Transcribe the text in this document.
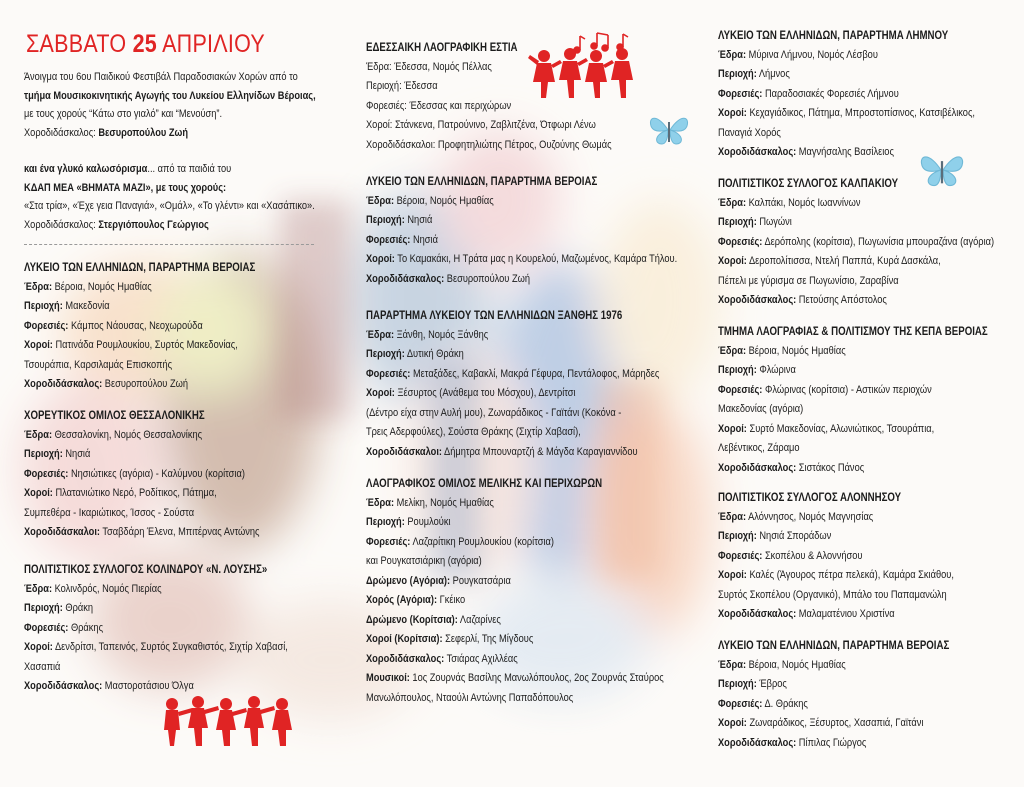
ΣΑΒΒΑΤΟ 25 ΑΠΡΙΛΙΟΥ
Άνοιγμα του 6ου Παιδικού Φεστιβάλ Παραδοσιακών Χορών από το
τμήμα Μουσικοκινητικής Αγωγής του Λυκείου Ελληνίδων Βέροιας,
με τους χορούς “Κάτω στο γιαλό” και “Μενούση”.
Χοροδιδάσκαλος: Βεσυροπούλου Ζωή
και ένα γλυκό καλωσόρισμα... από τα παιδιά του
ΚΔΑΠ ΜΕΑ «ΒΗΜΑΤΑ ΜΑΖΙ», με τους χορούς:
«Στα τρία», «Έχε γεια Παναγιά», «Ομάλ», «Το γλέντι» και «Χασάπικο».
Χοροδιδάσκαλος: Στεργιόπουλος Γεώργιος
ΛΥΚΕΙΟ ΤΩΝ ΕΛΛΗΝΙΔΩΝ, ΠΑΡΑΡΤΗΜΑ ΒΕΡΟΙΑΣ
Έδρα: Βέροια, Νομός Ημαθίας
Περιοχή: Μακεδονία
Φορεσιές: Κάμπος Νάουσας, Νεοχωρούδα
Χοροί: Πατινάδα Ρουμλουκίου, Συρτός Μακεδονίας,
Τσουράπια, Καρσιλαμάς Επισκοπής
Χοροδιδάσκαλος: Βεσυροπούλου Ζωή
ΧΟΡΕΥΤΙΚΟΣ ΟΜΙΛΟΣ ΘΕΣΣΑΛΟΝΙΚΗΣ
Έδρα: Θεσσαλονίκη, Νομός Θεσσαλονίκης
Περιοχή: Νησιά
Φορεσιές: Νησιώτικες (αγόρια) - Καλύμνου (κορίτσια)
Χοροί: Πλατανιώτικο Νερό, Ροδίτικος, Πάτημα,
Συμπεθέρα - Ικαριώτικος, Ίσσος - Σούστα
Χοροδιδάσκαλοι: Τσαβδάρη Έλενα, Μπιτέρνας Αντώνης
ΠΟΛΙΤΙΣΤΙΚΟΣ ΣΥΛΛΟΓΟΣ ΚΟΛΙΝΔΡΟΥ «Ν. ΛΟΥΣΗΣ»
Έδρα: Κολινδρός, Νομός Πιερίας
Περιοχή: Θράκη
Φορεσιές: Θράκης
Χοροί: Δενδρίτσι, Ταπεινός, Συρτός Συγκαθιστός, Σιχτίρ Χαβασί,
Χασαπιά
Χοροδιδάσκαλος: Μαστοροτάσιου Όλγα
ΕΔΕΣΣΑΙΚΗ ΛΑΟΓΡΑΦΙΚΗ ΕΣΤΙΑ
Έδρα: Έδεσσα, Νομός Πέλλας
Περιοχή: Έδεσσα
Φορεσιές: Έδεσσας και περιχώρων
Χοροί: Στάνκενα, Πατρούνινο, Ζαβλιτζένα, Ότφωρι Λένω
Χοροδιδάσκαλοι: Προφητηλιώτης Πέτρος, Ουζούνης Θωμάς
ΛΥΚΕΙΟ ΤΩΝ ΕΛΛΗΝΙΔΩΝ, ΠΑΡΑΡΤΗΜΑ ΒΕΡΟΙΑΣ
Έδρα: Βέροια, Νομός Ημαθίας
Περιοχή: Νησιά
Φορεσιές: Νησιά
Χοροί: Το Καμακάκι, Η Τράτα μας η Κουρελού, Μαζωμένος, Καμάρα Τήλου.
Χοροδιδάσκαλος: Βεσυροπούλου Ζωή
ΠΑΡΑΡΤΗΜΑ ΛΥΚΕΙΟΥ ΤΩΝ ΕΛΛΗΝΙΔΩΝ ΞΑΝΘΗΣ 1976
Έδρα: Ξάνθη, Νομός Ξάνθης
Περιοχή: Δυτική Θράκη
Φορεσιές: Μεταξάδες, Καβακλί, Μακρά Γέφυρα, Πεντάλοφος, Μάρηδες
Χοροί: Ξέσυρτος (Ανάθεμα του Μόσχου), Δεντρίτσι
(Δέντρο είχα στην Αυλή μου), Ζωναράδικος - Γαϊτάνι (Κοκόνα -
Τρεις Αδερφούλες), Σούστα Θράκης (Σιχτίρ Χαβασί),
Χοροδιδάσκαλοι: Δήμητρα Μπουναρτζή & Μάγδα Καραγιαννίδου
ΛΑΟΓΡΑΦΙΚΟΣ ΟΜΙΛΟΣ ΜΕΛΙΚΗΣ ΚΑΙ ΠΕΡΙΧΩΡΩΝ
Έδρα: Μελίκη, Νομός Ημαθίας
Περιοχή: Ρουμλούκι
Φορεσιές: Λαζαρίτικη Ρουμλουκίου (κορίτσια)
και Ρουγκατσιάρικη (αγόρια)
Δρώμενο (Αγόρια): Ρουγκατσάρια
Χορός (Αγόρια): Γκέικο
Δρώμενο (Κορίτσια): Λαζαρίνες
Χοροί (Κορίτσια): Σεφερλί, Της Μίγδους
Χοροδιδάσκαλος: Τσιάρας Αχιλλέας
Μουσικοί: 1ος Ζουρνάς Βασίλης Μανωλόπουλος, 2ος Ζουρνάς Σταύρος
Μανωλόπουλος, Νταούλι Αντώνης Παπαδόπουλος
ΛΥΚΕΙΟ ΤΩΝ ΕΛΛΗΝΙΔΩΝ, ΠΑΡΑΡΤΗΜΑ ΛΗΜΝΟΥ
Έδρα: Μύρινα Λήμνου, Νομός Λέσβου
Περιοχή: Λήμνος
Φορεσιές: Παραδοσιακές Φορεσιές Λήμνου
Χοροί: Κεχαγιάδικος, Πάτημα, Μπροστοπίσινος, Κατσιβέλικος,
Παναγιά Χορός
Χοροδιδάσκαλος: Μαγνήσαλης Βασίλειος
ΠΟΛΙΤΙΣΤΙΚΟΣ ΣΥΛΛΟΓΟΣ ΚΑΛΠΑΚΙΟΥ
Έδρα: Καλπάκι, Νομός Ιωαννίνων
Περιοχή: Πωγώνι
Φορεσιές: Δερόπολης (κορίτσια), Πωγωνίσια μπουραζάνα (αγόρια)
Χοροί: Δεροπολίτισσα, Ντελή Παππά, Κυρά Δασκάλα,
Πέπελι με γύρισμα σε Πωγωνίσιο, Ζαραβίνα
Χοροδιδάσκαλος: Πετούσης Απόστολος
ΤΜΗΜΑ ΛΑΟΓΡΑΦΙΑΣ & ΠΟΛΙΤΙΣΜΟΥ ΤΗΣ ΚΕΠΑ ΒΕΡΟΙΑΣ
Έδρα: Βέροια, Νομός Ημαθίας
Περιοχή: Φλώρινα
Φορεσιές: Φλώρινας (κορίτσια) - Αστικών περιοχών
Μακεδονίας (αγόρια)
Χοροί: Συρτό Μακεδονίας, Αλωνιώτικος, Τσουράπια,
Λεβέντικος, Ζάραμο
Χοροδιδάσκαλος: Σιστάκος Πάνος
ΠΟΛΙΤΙΣΤΙΚΟΣ ΣΥΛΛΟΓΟΣ ΑΛΟΝΝΗΣΟΥ
Έδρα: Αλόννησος, Νομός Μαγνησίας
Περιοχή: Νησιά Σποράδων
Φορεσιές: Σκοπέλου & Αλοννήσου
Χοροί: Καλές (Άγουρος πέτρα πελεκά), Καμάρα Σκιάθου,
Συρτός Σκοπέλου (Οργανικό), Μπάλο του Παπαμανώλη
Χοροδιδάσκαλος: Μαλαματένιου Χριστίνα
ΛΥΚΕΙΟ ΤΩΝ ΕΛΛΗΝΙΔΩΝ, ΠΑΡΑΡΤΗΜΑ ΒΕΡΟΙΑΣ
Έδρα: Βέροια, Νομός Ημαθίας
Περιοχή: Έβρος
Φορεσιές: Δ. Θράκης
Χοροί: Ζωναράδικος, Ξέσυρτος, Χασαπιά, Γαϊτάνι
Χοροδιδάσκαλος: Πίπιλας Γιώργος
